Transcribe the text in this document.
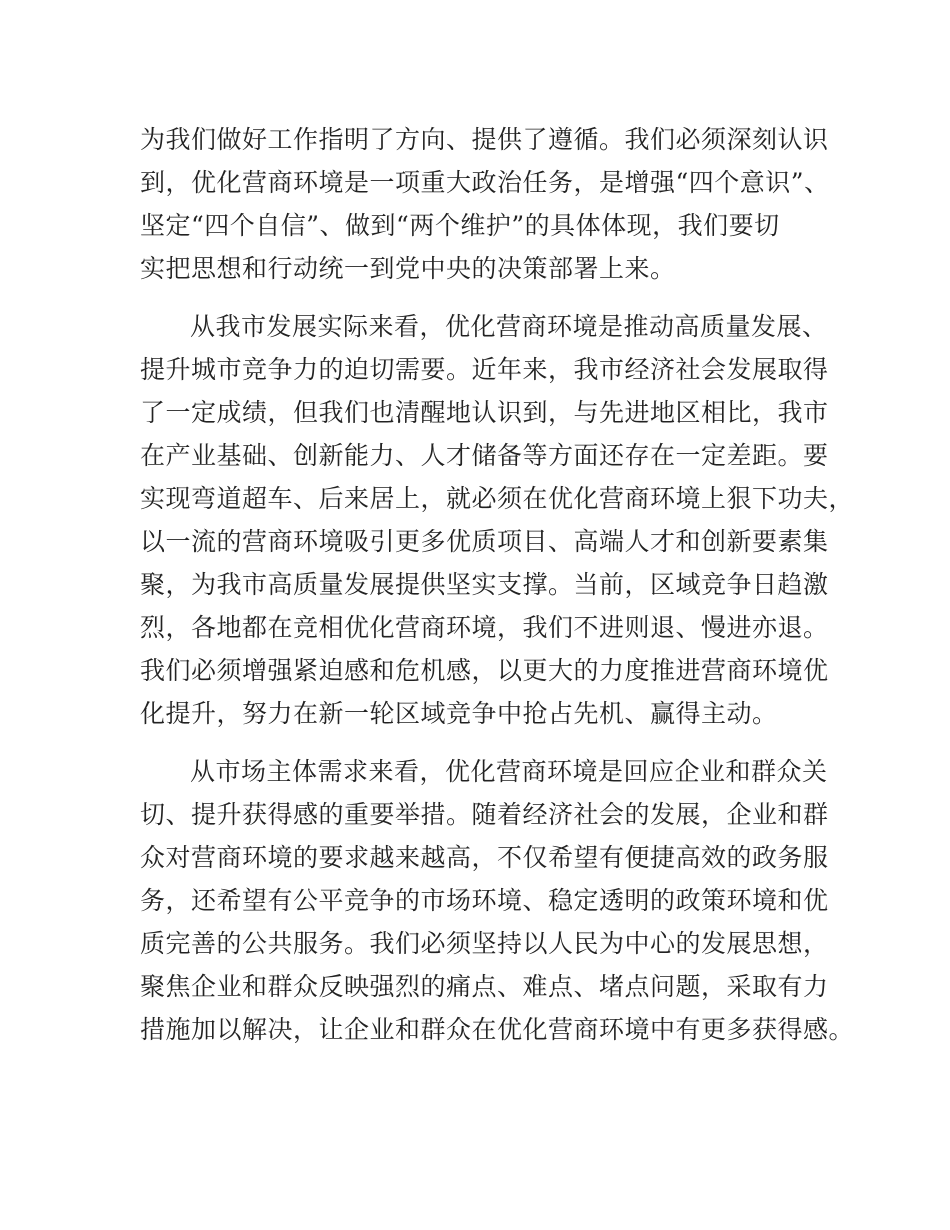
为我们做好工作指明了方向、提供了遵循。我们必须深刻认识
到，优化营商环境是一项重大政治任务，是增强“四个意识”、
坚定“四个自信”、做到“两个维护”的具体体现，我们要切
实把思想和行动统一到党中央的决策部署上来。

从我市发展实际来看，优化营商环境是推动高质量发展、
提升城市竞争力的迫切需要。近年来，我市经济社会发展取得
了一定成绩，但我们也清醒地认识到，与先进地区相比，我市
在产业基础、创新能力、人才储备等方面还存在一定差距。要
实现弯道超车、后来居上，就必须在优化营商环境上狠下功夫，
以一流的营商环境吸引更多优质项目、高端人才和创新要素集
聚，为我市高质量发展提供坚实支撑。当前，区域竞争日趋激
烈，各地都在竞相优化营商环境，我们不进则退、慢进亦退。
我们必须增强紧迫感和危机感，以更大的力度推进营商环境优
化提升，努力在新一轮区域竞争中抢占先机、赢得主动。

从市场主体需求来看，优化营商环境是回应企业和群众关
切、提升获得感的重要举措。随着经济社会的发展，企业和群
众对营商环境的要求越来越高，不仅希望有便捷高效的政务服
务，还希望有公平竞争的市场环境、稳定透明的政策环境和优
质完善的公共服务。我们必须坚持以人民为中心的发展思想，
聚焦企业和群众反映强烈的痛点、难点、堵点问题，采取有力
措施加以解决，让企业和群众在优化营商环境中有更多获得感。
